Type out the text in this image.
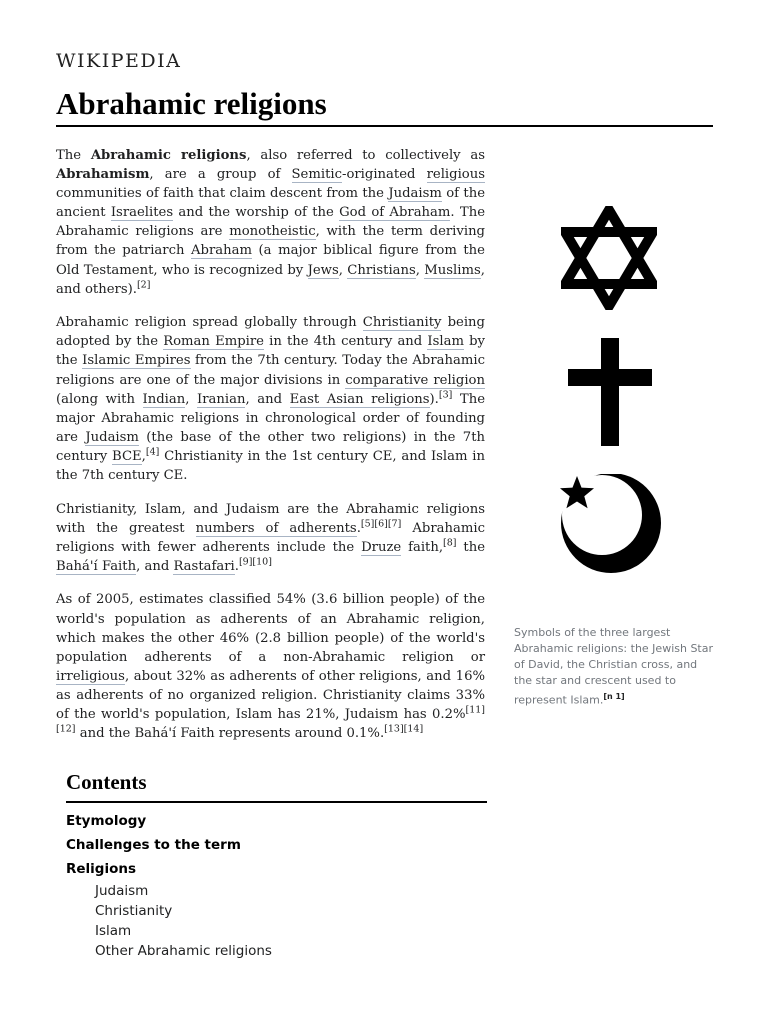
WIKIPEDIA
Abrahamic religions

The Abrahamic religions, also referred to collectively as Abrahamism, are a group of Semitic-originated religious communities of faith that claim descent from the Judaism of the ancient Israelites and the worship of the God of Abraham. The Abrahamic religions are monotheistic, with the term deriving from the patriarch Abraham (a major biblical figure from the Old Testament, who is recognized by Jews, Christians, Muslims, and others).[2]

Abrahamic religion spread globally through Christianity being adopted by the Roman Empire in the 4th century and Islam by the Islamic Empires from the 7th century. Today the Abrahamic religions are one of the major divisions in comparative religion (along with Indian, Iranian, and East Asian religions).[3] The major Abrahamic religions in chronological order of founding are Judaism (the base of the other two religions) in the 7th century BCE,[4] Christianity in the 1st century CE, and Islam in the 7th century CE.

Christianity, Islam, and Judaism are the Abrahamic religions with the greatest numbers of adherents.[5][6][7] Abrahamic religions with fewer adherents include the Druze faith,[8] the Bahá'í Faith, and Rastafari.[9][10]

As of 2005, estimates classified 54% (3.6 billion people) of the world's population as adherents of an Abrahamic religion, which makes the other 46% (2.8 billion people) of the world's population adherents of a non-Abrahamic religion or irreligious, about 32% as adherents of other religions, and 16% as adherents of no organized religion. Christianity claims 33% of the world's population, Islam has 21%, Judaism has 0.2%[11][12] and the Bahá'í Faith represents around 0.1%.[13][14]

Symbols of the three largest Abrahamic religions: the Jewish Star of David, the Christian cross, and the star and crescent used to represent Islam.[n 1]
Contents
Etymology
Challenges to the term
Religions
Judaism
Christianity
Islam
Other Abrahamic religions
